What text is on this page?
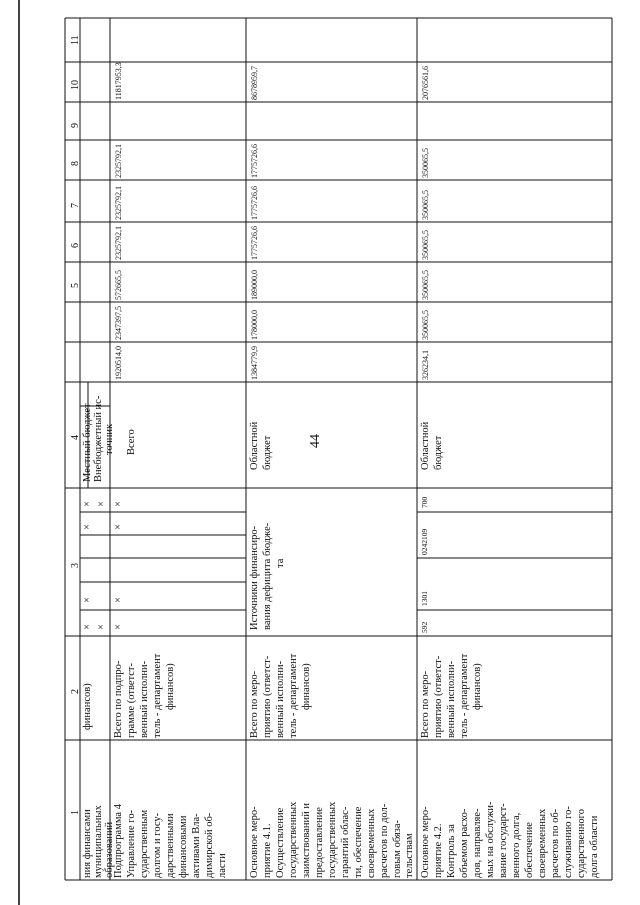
44
11
10
9
8
7
6
5
4
3
2
1 ния финансами муниципальных образований
финансов)
×
×
×
×
×
×
Местный бюджет Внебюджетный ис- точник
Подпрограмма 4 Управление го- сударственным долгом и госу- дарственными финансовыми активами Вла- димирской об- ласти
Всего по подпро- грамме (ответст- венный исполни- тель - департамент финансов)
×
×
×
×
Всего
1920514,0
2347397,5
572665,5
2325792,1
2325792,1
2325792,1
11817953,3
Основное меро- приятие 4.1. Осуществление государственных заимствований и предоставление государственных гарантий облас- ти, обеспечение своевременных расчетов по дол- говым обяза- тельствам
Всего по меро- приятию (ответст- венный исполни- тель - департамент финансов)
Источники финансиро- вания дефицита бюдже- та
Областной бюджет
1384779,9
178000,0
189000,0
1775726,6
1775726,6
1775726,6
8678959,7
Основное меро- приятие 4.2. Контроль за объемом расхо- дов, направляе- мых на обслужи- вание государст- венного долга, обеспечение своевременных расчетов по об- служиванию го- сударственного долга области
Всего по меро- приятию (ответст- венный исполни- тель - департамент финансов)
592
1301
0242109
700
Областной бюджет
326234,1
350065,5
350065,5
350065,5
350065,5
350065,5
2076561,6
